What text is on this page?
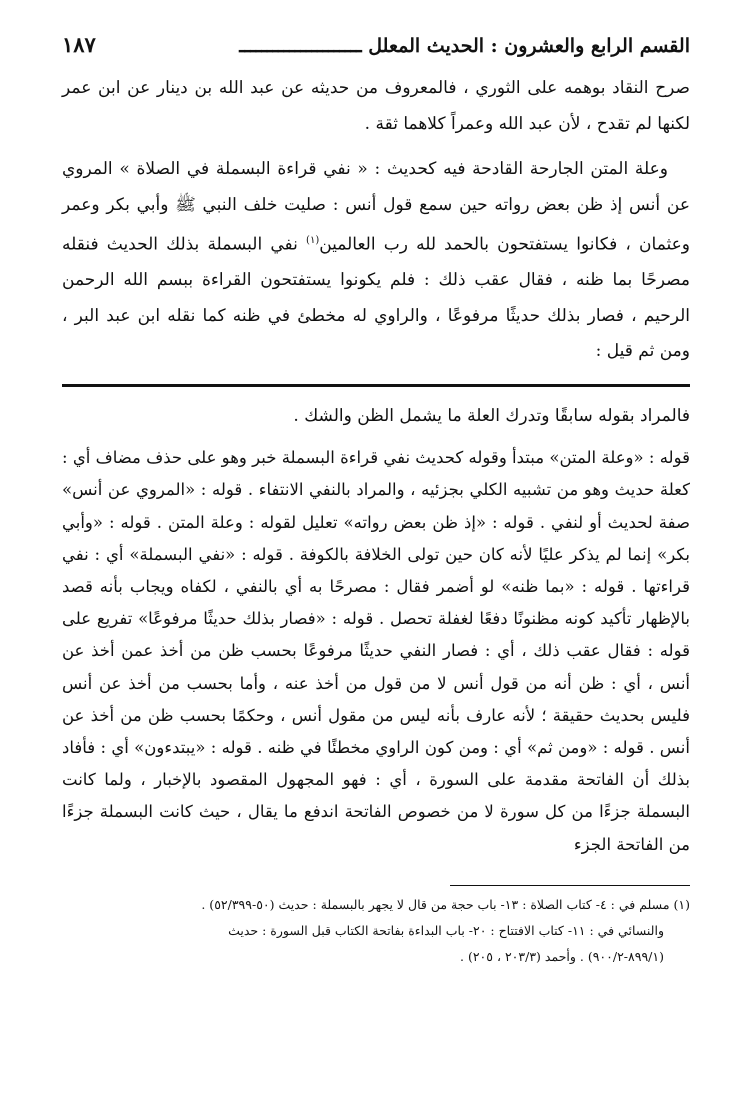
القسم الرابع والعشرون : الحديث المعلل ــــــــــــــــــــــ
١٨٧

صرح النقاد بوهمه على الثوري ، فالمعروف من حديثه عن عبد الله بن دينار عن ابن عمر لكنها لم تقدح ، لأن عبد الله وعمراً كلاهما ثقة .

وعلة المتن الجارحة القادحة فيه كحديث : « نفي قراءة البسملة في الصلاة » المروي عن أنس إذ ظن بعض رواته حين سمع قول أنس : صليت خلف النبي ﷺ وأبي بكر وعمر وعثمان ، فكانوا يستفتحون بالحمد لله رب العالمين$^{(١)}$ نفي البسملة بذلك الحديث فنقله مصرحًا بما ظنه ، فقال عقب ذلك : فلم يكونوا يستفتحون القراءة ببسم الله الرحمن الرحيم ، فصار بذلك حديثًا مرفوعًا ، والراوي له مخطئ في ظنه كما نقله ابن عبد البر ، ومن ثم قيل :

فالمراد بقوله سابقًا وتدرك العلة ما يشمل الظن والشك .

قوله : «وعلة المتن» مبتدأ وقوله كحديث نفي قراءة البسملة خبر وهو على حذف مضاف أي : كعلة حديث وهو من تشبيه الكلي بجزئيه ، والمراد بالنفي الانتفاء . قوله : «المروي عن أنس» صفة لحديث أو لنفي . قوله : «إذ ظن بعض رواته» تعليل لقوله : وعلة المتن . قوله : «وأبي بكر» إنما لم يذكر عليًا لأنه كان حين تولى الخلافة بالكوفة . قوله : «نفي البسملة» أي : نفي قراءتها . قوله : «بما ظنه» لو أضمر فقال : مصرحًا به أي بالنفي ، لكفاه ويجاب بأنه قصد بالإظهار تأكيد كونه مظنونًا دفعًا لغفلة تحصل . قوله : «فصار بذلك حديثًا مرفوعًا» تفريع على قوله : فقال عقب ذلك ، أي : فصار النفي حديثًا مرفوعًا بحسب ظن من أخذ عمن أخذ عن أنس ، أي : ظن أنه من قول أنس لا من قول من أخذ عنه ، وأما بحسب من أخذ عن أنس فليس بحديث حقيقة ؛ لأنه عارف بأنه ليس من مقول أنس ، وحكمًا بحسب ظن من أخذ عن أنس . قوله : «ومن ثم» أي : ومن كون الراوي مخطئًا في ظنه . قوله : «يبتدءون» أي : فأفاد بذلك أن الفاتحة مقدمة على السورة ، أي : فهو المجهول المقصود بالإخبار ، ولما كانت البسملة جزءًا من كل سورة لا من خصوص الفاتحة اندفع ما يقال ، حيث كانت البسملة جزءًا من الفاتحة الجزء

(١) مسلم في : ٤- كتاب الصلاة : ١٣- باب حجة من قال لا يجهر بالبسملة : حديث (٥٠-٥٢/٣٩٩) .

والنسائي في : ١١- كتاب الافتتاح : ٢٠- باب البداءة بفاتحة الكتاب قبل السورة : حديث

(٨٩٩/١-٩٠٠/٢) . وأحمد (٢٠٣/٣ ، ٢٠٥) .
